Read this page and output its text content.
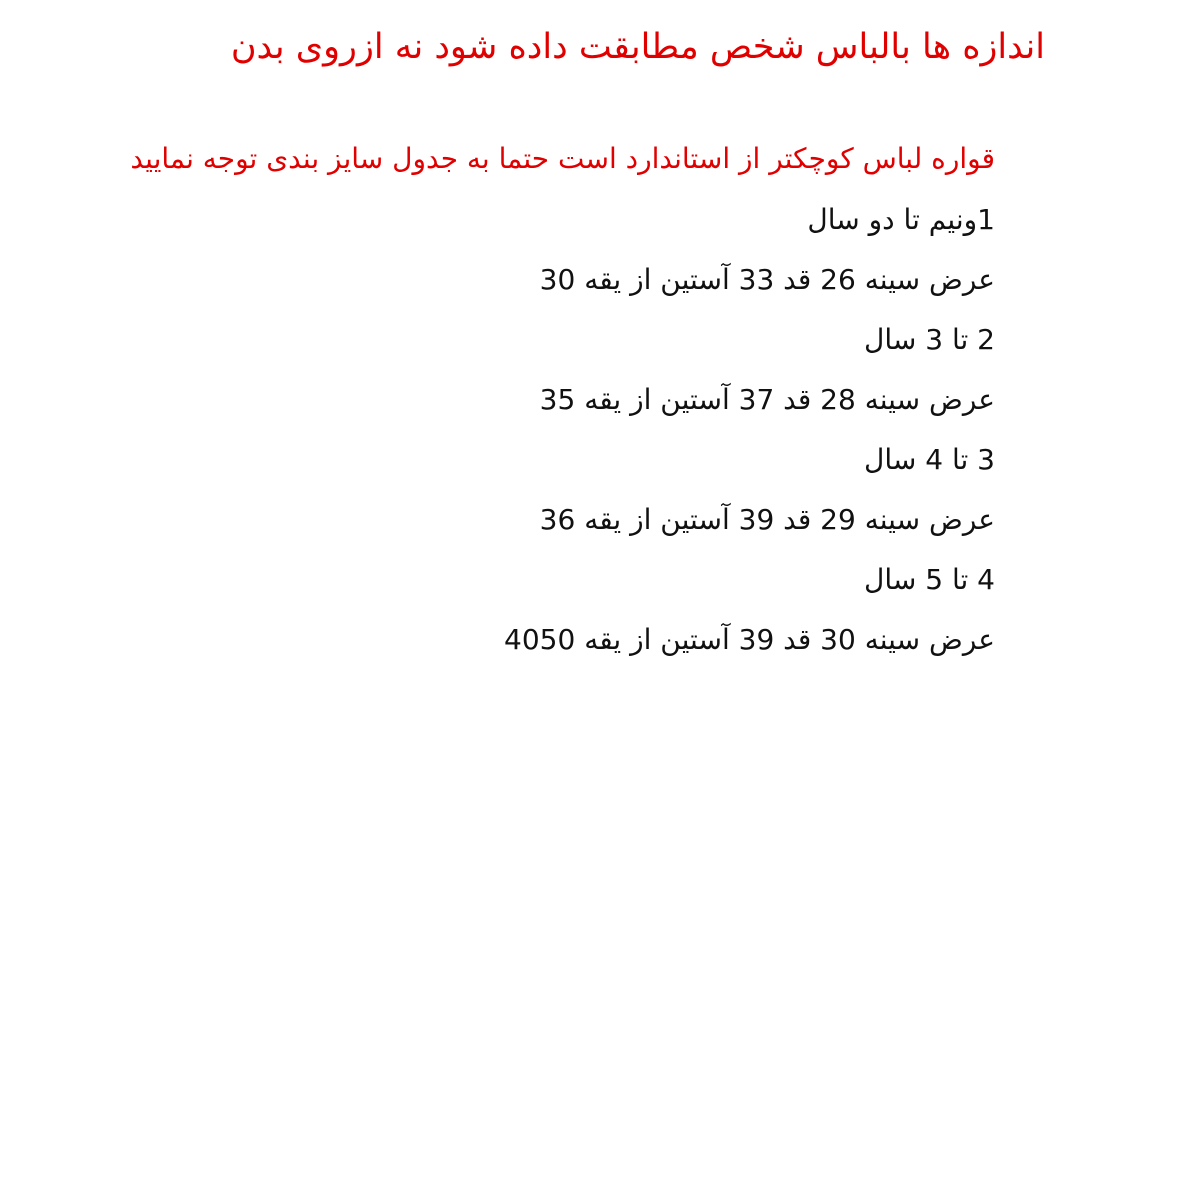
اندازه ها بالباس شخص مطابقت داده شود نه ازروی بدن
قواره لباس کوچکتر از استاندارد است حتما به جدول سایز بندی توجه نمایید
1ونیم تا دو سال
عرض سینه 26 قد 33 آستین از یقه 30
2 تا 3 سال
عرض سینه 28 قد 37 آستین از یقه 35
3 تا 4 سال
عرض سینه 29 قد 39 آستین از یقه 36
4 تا 5 سال
عرض سینه 30 قد 39 آستین از یقه 4050
